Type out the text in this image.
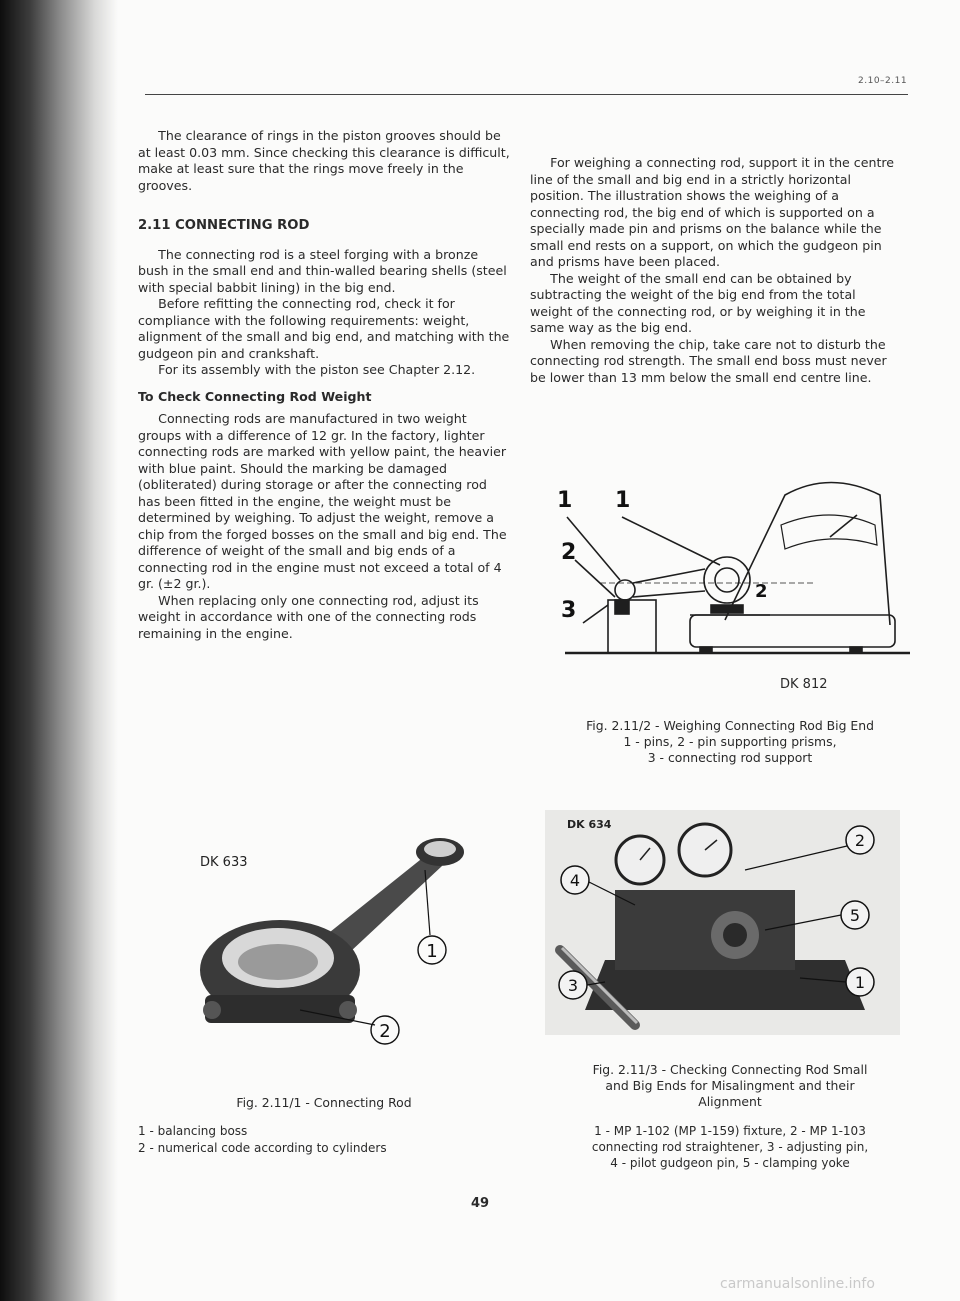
2.10–2.11

The clearance of rings in the piston grooves should be at least 0.03 mm. Since checking this clearance is difficult, make at least sure that the rings move freely in the grooves.

2.11 CONNECTING ROD

The connecting rod is a steel forging with a bronze bush in the small end and thin-walled bearing shells (steel with special babbit lining) in the big end.

Before refitting the connecting rod, check it for compliance with the following requirements: weight, alignment of the small and big end, and matching with the gudgeon pin and crankshaft.

For its assembly with the piston see Chapter 2.12.

To Check Connecting Rod Weight

Connecting rods are manufactured in two weight groups with a difference of 12 gr. In the factory, lighter connecting rods are marked with yellow paint, the heavier with blue paint. Should the marking be damaged (obliterated) during storage or after the connecting rod has been fitted in the engine, the weight must be determined by weighing. To adjust the weight, remove a chip from the forged bosses on the small and big end. The difference of weight of the small and big ends of a connecting rod in the engine must not exceed a total of 4 gr. (±2 gr.).

When replacing only one connecting rod, adjust its weight in accordance with one of the connecting rods remaining in the engine.

For weighing a connecting rod, support it in the centre line of the small and big end in a strictly horizontal position. The illustration shows the weighing of a connecting rod, the big end of which is supported on a specially made pin and prisms on the balance while the small end rests on a support, on which the gudgeon pin and prisms have been placed.

The weight of the small end can be obtained by subtracting the weight of the big end from the total weight of the connecting rod, or by weighing it in the same way as the big end.

When removing the chip, take care not to disturb the connecting rod strength. The small end boss must never be lower than 13 mm below the small end centre line.

1 1
2
2
3
DK 812
Fig. 2.11/2 - Weighing Connecting Rod Big End
1 - pins, 2 - pin supporting prisms,
3 - connecting rod support
1
2
DK 633
Fig. 2.11/1 - Connecting Rod
1 - balancing boss
2 - numerical code according to cylinders
2
4
5
3	1
DK 634
Fig. 2.11/3 - Checking Connecting Rod Small
and Big Ends for Misalingment and their
Alignment
1 - MP 1-102 (MP 1-159) fixture, 2 - MP 1-103
connecting rod straightener, 3 - adjusting pin,
4 - pilot gudgeon pin, 5 - clamping yoke
49
carmanualsonline.info
